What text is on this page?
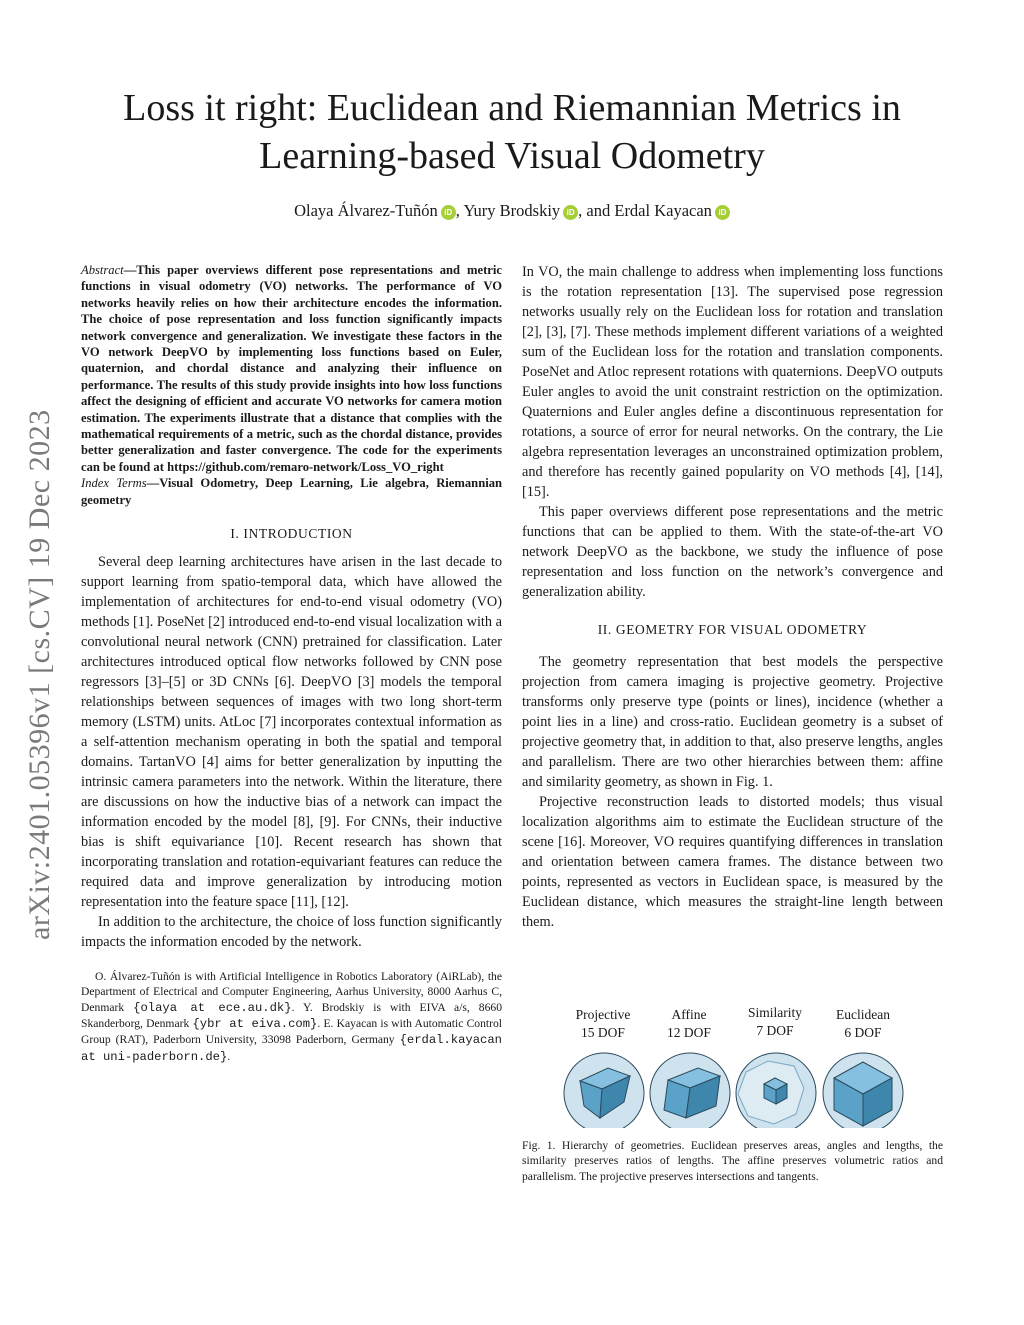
Loss it right: Euclidean and Riemannian Metrics in Learning-based Visual Odometry
Olaya Álvarez-Tuñón iD , Yury Brodskiy iD , and Erdal Kayacan iD
arXiv:2401.05396v1 [cs.CV] 19 Dec 2023

Abstract—This paper overviews different pose representations and metric functions in visual odometry (VO) networks. The performance of VO networks heavily relies on how their architecture encodes the information. The choice of pose representation and loss function significantly impacts network convergence and generalization. We investigate these factors in the VO network DeepVO by implementing loss functions based on Euler, quaternion, and chordal distance and analyzing their influence on performance. The results of this study provide insights into how loss functions affect the designing of efficient and accurate VO networks for camera motion estimation. The experiments illustrate that a distance that complies with the mathematical requirements of a metric, such as the chordal distance, provides better generalization and faster convergence. The code for the experiments can be found at https://github.com/remaro-network/Loss_VO_right

Index Terms—Visual Odometry, Deep Learning, Lie algebra, Riemannian geometry

I. INTRODUCTION

Several deep learning architectures have arisen in the last decade to support learning from spatio-temporal data, which have allowed the implementation of architectures for end-to-end visual odometry (VO) methods [1]. PoseNet [2] introduced end-to-end visual localization with a convolutional neural network (CNN) pretrained for classification. Later architectures introduced optical flow networks followed by CNN pose regressors [3]–[5] or 3D CNNs [6]. DeepVO [3] models the temporal relationships between sequences of images with two long short-term memory (LSTM) units. AtLoc [7] incorporates contextual information as a self-attention mechanism operating in both the spatial and temporal domains. TartanVO [4] aims for better generalization by inputting the intrinsic camera parameters into the network. Within the literature, there are discussions on how the inductive bias of a network can impact the information encoded by the model [8], [9]. For CNNs, their inductive bias is shift equivariance [10]. Recent research has shown that incorporating translation and rotation-equivariant features can reduce the required data and improve generalization by introducing motion representation into the feature space [11], [12].

In addition to the architecture, the choice of loss function significantly impacts the information encoded by the network.

O. Álvarez-Tuñón is with Artificial Intelligence in Robotics Laboratory (AiRLab), the Department of Electrical and Computer Engineering, Aarhus University, 8000 Aarhus C, Denmark {olaya at ece.au.dk}. Y. Brodskiy is with EIVA a/s, 8660 Skanderborg, Denmark {ybr at eiva.com}. E. Kayacan is with Automatic Control Group (RAT), Paderborn University, 33098 Paderborn, Germany {erdal.kayacan at uni-paderborn.de}.

In VO, the main challenge to address when implementing loss functions is the rotation representation [13]. The supervised pose regression networks usually rely on the Euclidean loss for rotation and translation [2], [3], [7]. These methods implement different variations of a weighted sum of the Euclidean loss for the rotation and translation components. PoseNet and Atloc represent rotations with quaternions. DeepVO outputs Euler angles to avoid the unit constraint restriction on the optimization. Quaternions and Euler angles define a discontinuous representation for rotations, a source of error for neural networks. On the contrary, the Lie algebra representation leverages an unconstrained optimization problem, and therefore has recently gained popularity on VO methods [4], [14], [15].

This paper overviews different pose representations and the metric functions that can be applied to them. With the state-of-the-art VO network DeepVO as the backbone, we study the influence of pose representation and loss function on the network’s convergence and generalization ability.

II. GEOMETRY FOR VISUAL ODOMETRY

The geometry representation that best models the perspective projection from camera imaging is projective geometry. Projective transforms only preserve type (points or lines), incidence (whether a point lies in a line) and cross-ratio. Euclidean geometry is a subset of projective geometry that, in addition to that, also preserve lengths, angles and parallelism. There are two other hierarchies between them: affine and similarity geometry, as shown in Fig. 1.

Projective reconstruction leads to distorted models; thus visual localization algorithms aim to estimate the Euclidean structure of the scene [16]. Moreover, VO requires quantifying differences in translation and orientation between camera frames. The distance between two points, represented as vectors in Euclidean space, is measured by the Euclidean distance, which measures the straight-line length between them.

Projective
15 DOF
Affine
12 DOF
Similarity
7 DOF
Euclidean
6 DOF
Fig. 1. Hierarchy of geometries. Euclidean preserves areas, angles and lengths, the similarity preserves ratios of lengths. The affine preserves volumetric ratios and parallelism. The projective preserves intersections and tangents.
